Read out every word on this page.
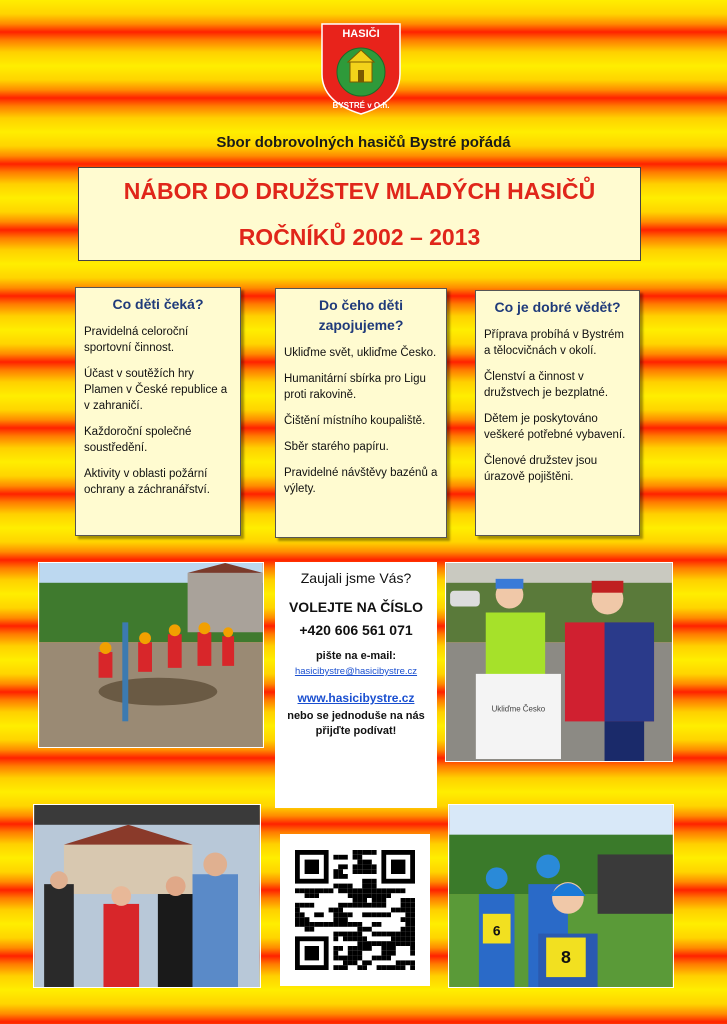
HASIČI
BYSTRÉ v O.h.
Sbor dobrovolných hasičů Bystré pořádá
NÁBOR DO DRUŽSTEV MLADÝCH HASIČŮ
ROČNÍKŮ 2002 – 2013
Co děti čeká?

Pravidelná celoroční sportovní činnost.

Účast v soutěžích hry Plamen v České republice a v zahraničí.

Každoroční společné soustředění.

Aktivity v oblasti požární ochrany a záchranářství.

Do čeho děti zapojujeme?

Ukliďme svět, ukliďme Česko.

Humanitární sbírka pro Ligu proti rakovině.

Čištění místního koupaliště.

Sběr starého papíru.

Pravidelné návštěvy bazénů a výlety.

Co je dobré vědět?

Příprava probíhá v Bystrém a tělocvičnách v okolí.

Členství a činnost v družstvech je bezplatné.

Dětem je poskytováno veškeré potřebné vybavení.

Členové družstev jsou úrazově pojištěni.

Zaujali jsme Vás?
VOLEJTE NA ČÍSLO
+420 606 561 071
pište na e-mail:
hasicibystre@hasicibystre.cz
www.hasicibystre.cz
nebo se jednoduše na nás přijďte podívat!
Ukliďme Česko
6
8
